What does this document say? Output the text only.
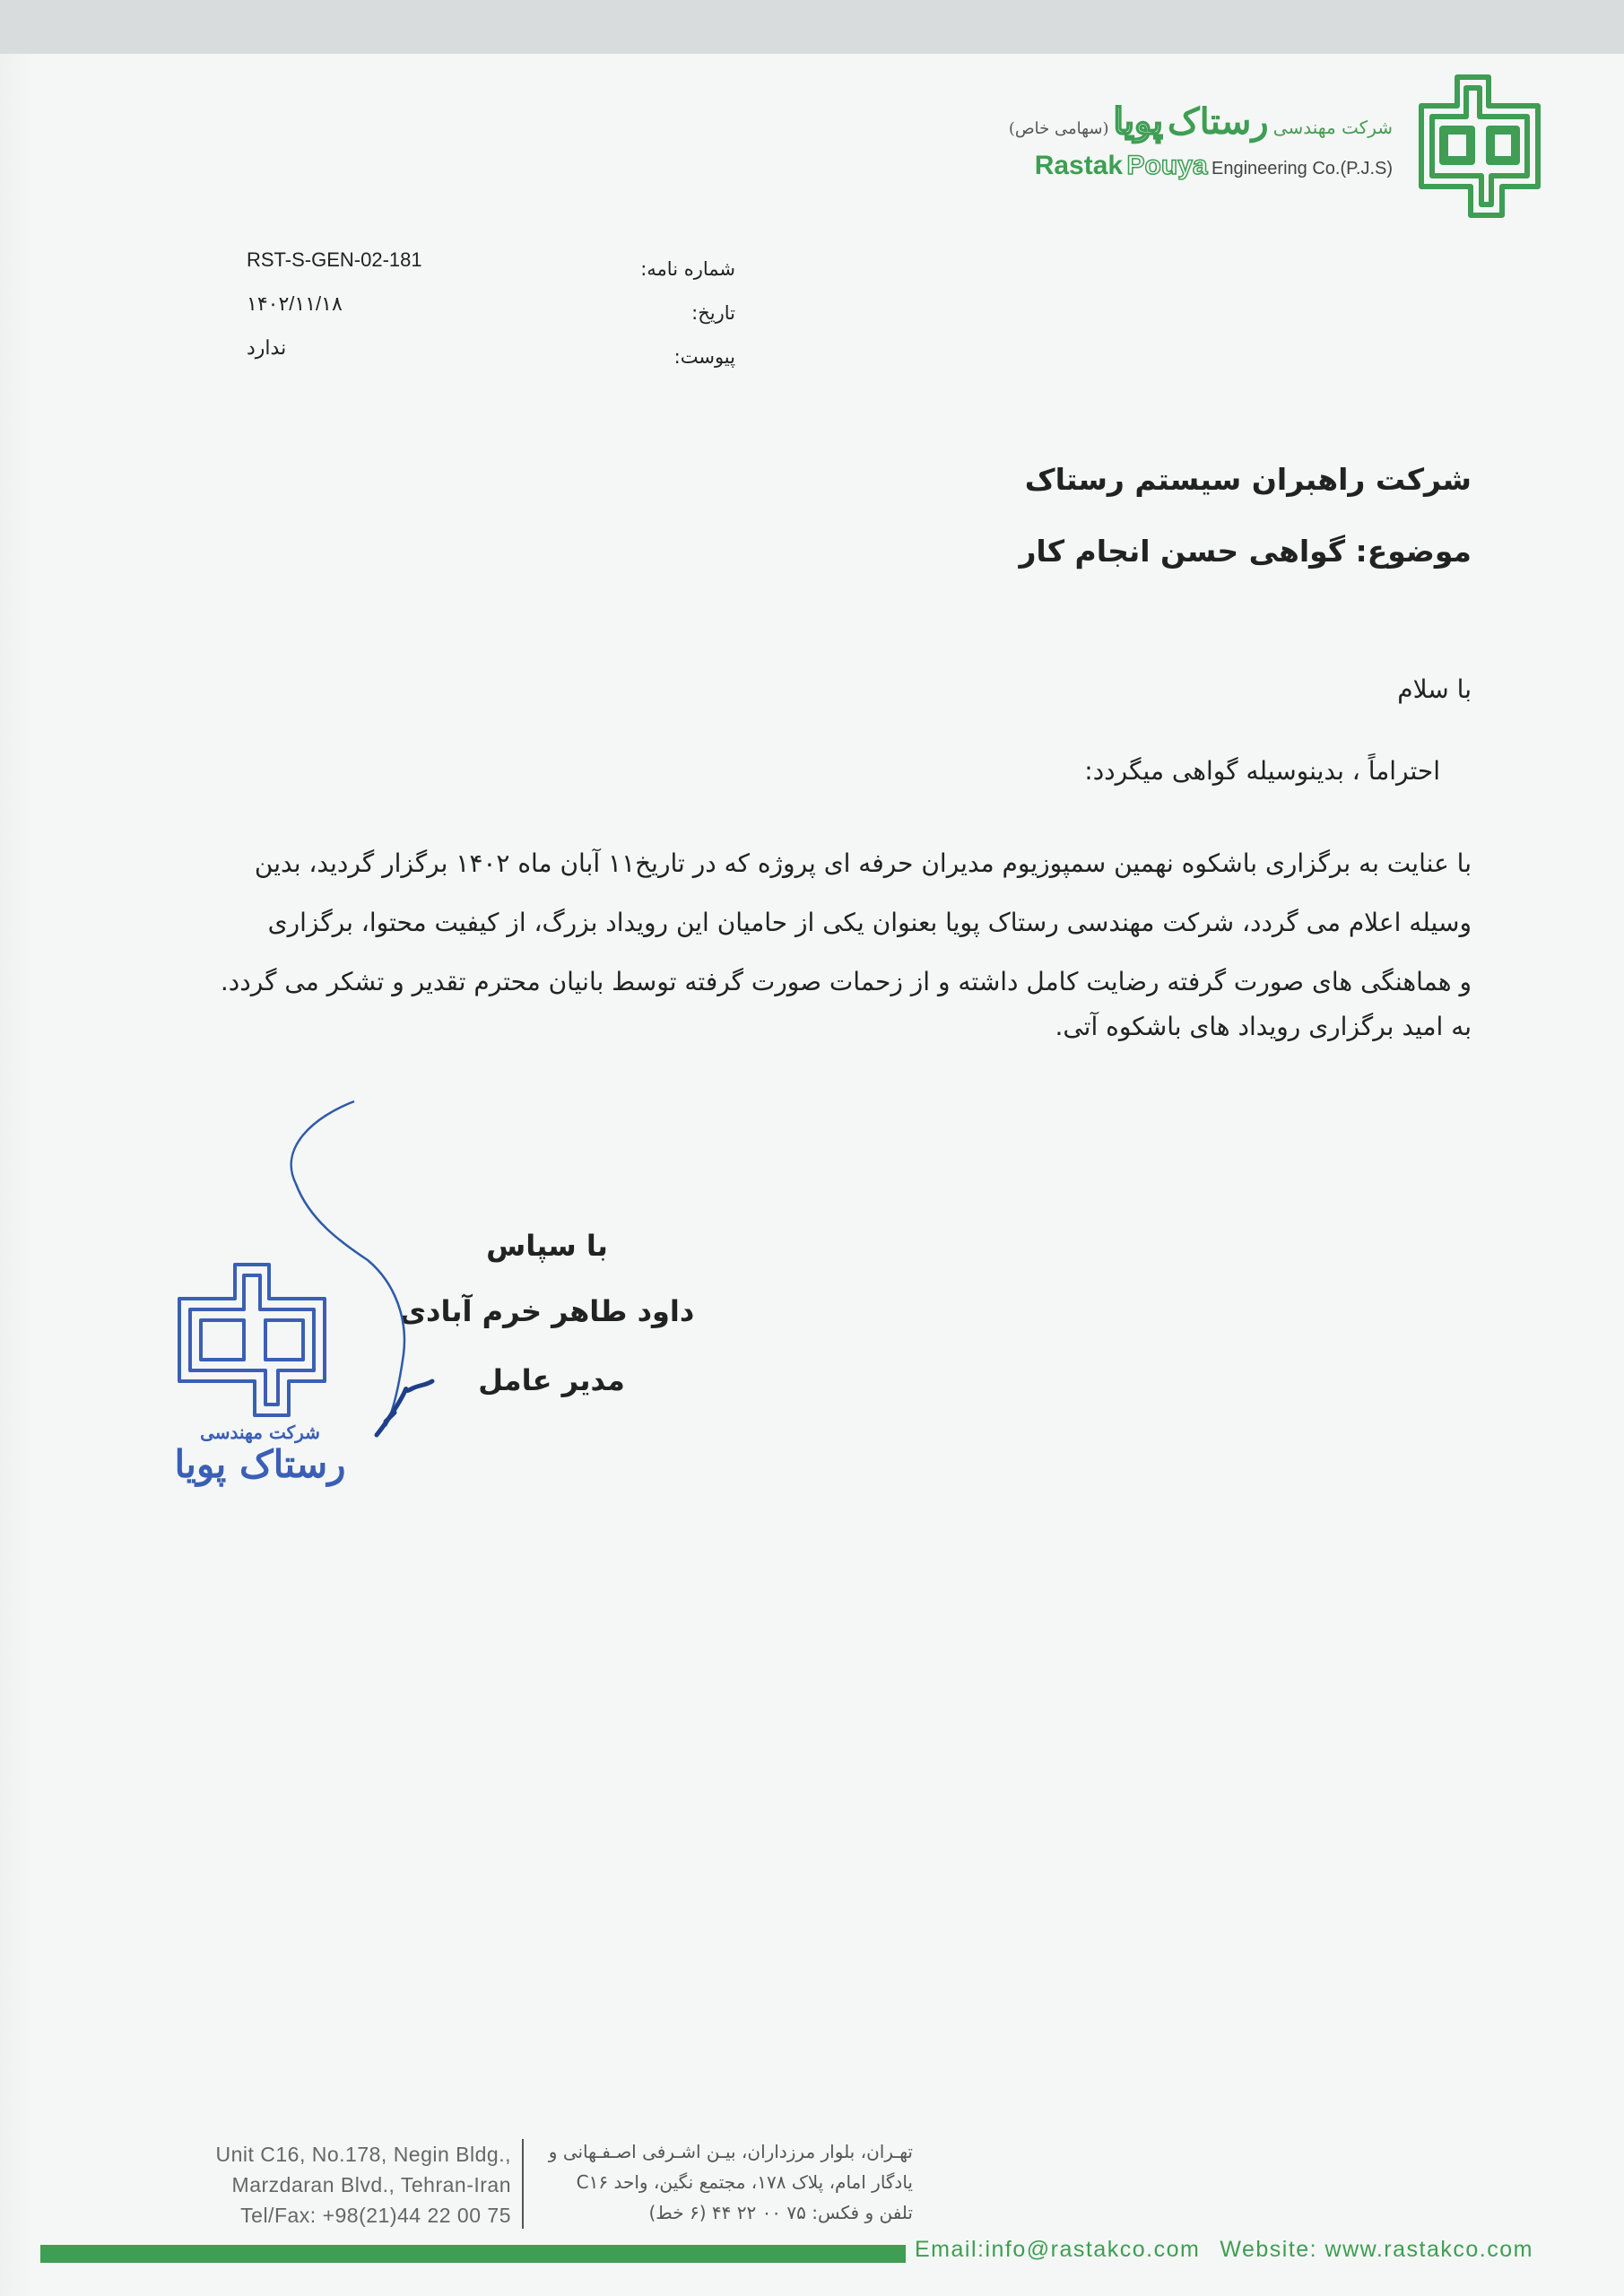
شرکت مهندسی رستاک پویا (سهامی خاص)
Rastak Pouya Engineering Co.(P.J.S)
RST-S-GEN-02-181
۱۴۰۲/۱۱/۱۸
ندارد
شماره نامه:
تاریخ:
پیوست:
شرکت راهبران سیستم رستاک
موضوع: گواهی حسن انجام کار
با سلام
احتراماً ، بدینوسیله گواهی میگردد:
با عنایت به برگزاری باشکوه نهمین سمپوزیوم مدیران حرفه ای پروژه که در تاریخ۱۱ آبان ماه ۱۴۰۲ برگزار گردید، بدین
وسیله اعلام می گردد، شرکت مهندسی رستاک پویا بعنوان یکی از حامیان این رویداد بزرگ، از کیفیت محتوا، برگزاری
و هماهنگی های صورت گرفته رضایت کامل داشته و از زحمات صورت گرفته توسط بانیان محترم تقدیر و تشکر می گردد.
به امید برگزاری رویداد های باشکوه آتی.
با سپاس
داود طاهر خرم آبادی
مدیر عامل
شرکت مهندسی
رستاک پویا
Unit C16, No.178, Negin Bldg.,
Marzdaran Blvd., Tehran-Iran
Tel/Fax: +98(21)44 22 00 75
تهـران، بلوار مرزداران، بیـن اشـرفی اصـفـهانی و
یادگار امام، پلاک ۱۷۸، مجتمع نگین، واحد C۱۶
تلفن و فکس: ۷۵ ۰۰ ۲۲ ۴۴ (۶ خط)
Email:info@rastakco.com Website: www.rastakco.com
